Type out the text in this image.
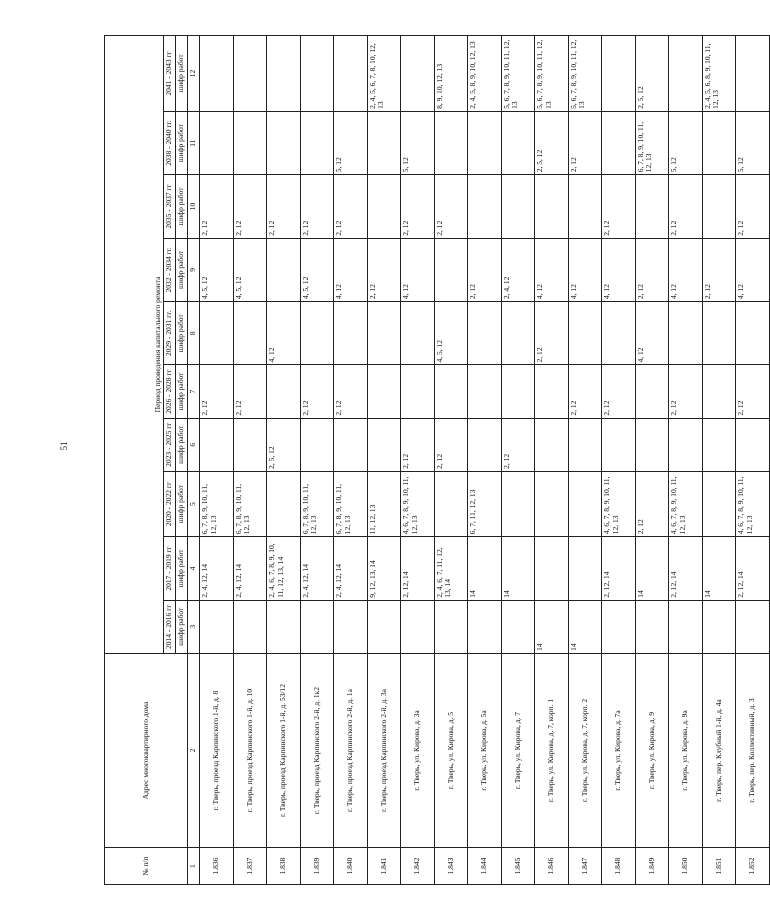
51
№ п/п	Адрес многоквартирного дома	Период проведения капитального ремонта									
		2014 - 2016 гг	2017 - 2019 гг	2020 - 2022 гг	2023 - 2025 гг	2026 - 2028 гг	2029 - 2031 гг.	2032 - 2034 гг.	2035 - 2037 гг	2038 - 2040 гг.	2041 - 2043 гг
		шифр работ	шифр работ	шифр работ	шифр работ	шифр работ	шифр работ	шифр работ	шифр работ	шифр работ	шифр работ
1	2	3	4	5	6	7	8	9	10	11	12
1.836	г. Тверь, проезд Карпинского 1-й, д. 8		2, 4, 12, 14	6, 7, 8, 9, 10, 11, 12, 13		2, 12		4, 5, 12	2, 12		
1.837	г. Тверь, проезд Карпинского 1-й, д. 10		2, 4, 12, 14	6, 7, 8, 9, 10, 11, 12, 13		2, 12		4, 5, 12	2, 12		
1.838	г. Тверь, проезд Карпинского 1-й, д. 53/12		2, 4, 6, 7, 8, 9, 10, 11, 12, 13, 14		2, 5, 12		4, 12		2, 12		
1.839	г. Тверь, проезд Карпинского 2-й, д. 1к2		2, 4, 12, 14	6, 7, 8, 9, 10, 11, 12, 13		2, 12		4, 5, 12	2, 12		
1.840	г. Тверь, проезд Карпинского 2-й, д. 1а		2, 4, 12, 14	6, 7, 8, 9, 10, 11, 12, 13		2, 12		4, 12	2, 12	5, 12	
1.841	г. Тверь, проезд Карпинского 2-й, д. 3а		9, 12, 13, 14	11, 12, 13				2, 12			2, 4, 5, 6, 7, 8, 10, 12, 13
1.842	г. Тверь, ул. Кирова, д. 3а		2, 12, 14	4, 6, 7, 8, 9, 10, 11, 12, 13	2, 12			4, 12	2, 12	5, 12	
1.843	г. Тверь, ул. Кирова, д. 5		2, 4, 6, 7, 11, 12, 13, 14		2, 12		4, 5, 12		2, 12		8, 9, 10, 12, 13
1.844	г. Тверь, ул. Кирова, д. 5а		14	6, 7, 11, 12, 13				2, 12			2, 4, 5, 8, 9, 10, 12, 13
1.845	г. Тверь, ул. Кирова, д. 7		14		2, 12			2, 4, 12			5, 6, 7, 8, 9, 10, 11, 12, 13
1.846	г. Тверь, ул. Кирова, д. 7, корп. 1	14					2, 12	4, 12		2, 5, 12	5, 6, 7, 8, 9, 10, 11, 12, 13
1.847	г. Тверь, ул. Кирова, д. 7, корп. 2	14				2, 12		4, 12		2, 12	5, 6, 7, 8, 9, 10, 11, 12, 13
1.848	г. Тверь, ул. Кирова, д. 7а		2, 12, 14	4, 6, 7, 8, 9, 10, 11, 12, 13		2, 12		4, 12	2, 12		
1.849	г. Тверь, ул. Кирова, д. 9		14	2, 12			4, 12	2, 12		6, 7, 8, 9, 10, 11, 12, 13	2, 5, 12
1.850	г. Тверь, ул. Кирова, д. 9а		2, 12, 14	4, 6, 7, 8, 9, 10, 11, 12, 13		2, 12		4, 12	2, 12	5, 12	
1.851	г. Тверь, пер. Клубный 1-й, д. 4а		14					2, 12			2, 4, 5, 6, 8, 9, 10, 11, 12, 13
1.852	г. Тверь, пер. Коллективный, д. 3		2, 12, 14	4, 6, 7, 8, 9, 10, 11, 12, 13		2, 12		4, 12	2, 12	5, 12	
